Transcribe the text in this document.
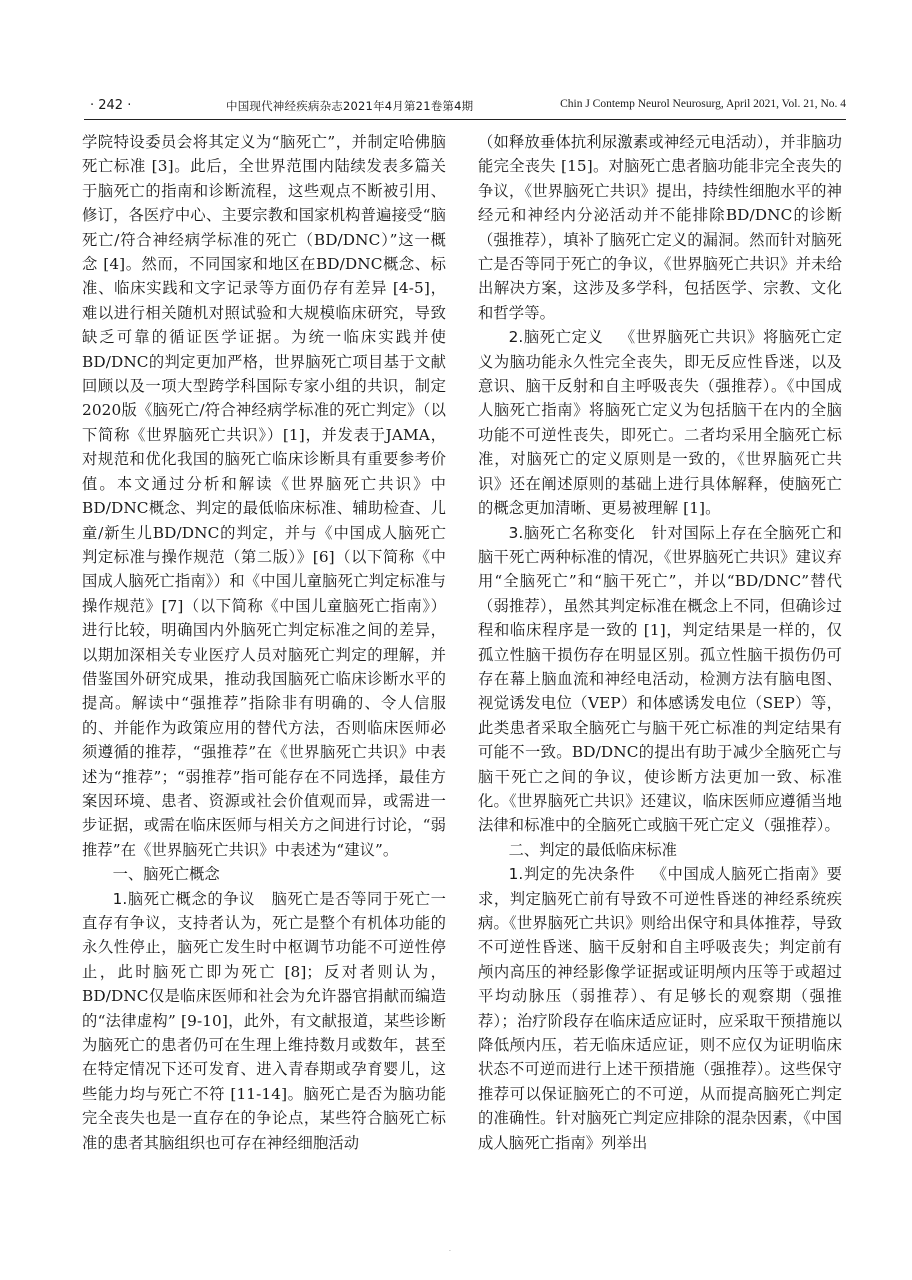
· 242 ·	中国现代神经疾病杂志2021年4月第21卷第4期	Chin J Contemp Neurol Neurosurg, April 2021, Vol. 21, No. 4

学院特设委员会将其定义为“脑死亡”，并制定哈佛脑死亡标准 [3]。此后，全世界范围内陆续发表多篇关于脑死亡的指南和诊断流程，这些观点不断被引用、修订，各医疗中心、主要宗教和国家机构普遍接受“脑死亡/符合神经病学标准的死亡（BD/DNC）”这一概念 [4]。然而，不同国家和地区在BD/DNC概念、标准、临床实践和文字记录等方面仍存有差异 [4-5]，难以进行相关随机对照试验和大规模临床研究，导致缺乏可靠的循证医学证据。为统一临床实践并使BD/DNC的判定更加严格，世界脑死亡项目基于文献回顾以及一项大型跨学科国际专家小组的共识，制定2020版《脑死亡/符合神经病学标准的死亡判定》（以下简称《世界脑死亡共识》）[1]，并发表于JAMA，对规范和优化我国的脑死亡临床诊断具有重要参考价值。本文通过分析和解读《世界脑死亡共识》中BD/DNC概念、判定的最低临床标准、辅助检查、儿童/新生儿BD/DNC的判定，并与《中国成人脑死亡判定标准与操作规范（第二版）》[6]（以下简称《中国成人脑死亡指南》）和《中国儿童脑死亡判定标准与操作规范》[7]（以下简称《中国儿童脑死亡指南》）进行比较，明确国内外脑死亡判定标准之间的差异，以期加深相关专业医疗人员对脑死亡判定的理解，并借鉴国外研究成果，推动我国脑死亡临床诊断水平的提高。解读中“强推荐”指除非有明确的、令人信服的、并能作为政策应用的替代方法，否则临床医师必须遵循的推荐，“强推荐”在《世界脑死亡共识》中表述为“推荐”；“弱推荐”指可能存在不同选择，最佳方案因环境、患者、资源或社会价值观而异，或需进一步证据，或需在临床医师与相关方之间进行讨论，“弱推荐”在《世界脑死亡共识》中表述为“建议”。

一、脑死亡概念

1.脑死亡概念的争议 脑死亡是否等同于死亡一直存有争议，支持者认为，死亡是整个有机体功能的永久性停止，脑死亡发生时中枢调节功能不可逆性停止，此时脑死亡即为死亡 [8]；反对者则认为，BD/DNC仅是临床医师和社会为允许器官捐献而编造的“法律虚构” [9-10]，此外，有文献报道，某些诊断为脑死亡的患者仍可在生理上维持数月或数年，甚至在特定情况下还可发育、进入青春期或孕育婴儿，这些能力均与死亡不符 [11-14]。脑死亡是否为脑功能完全丧失也是一直存在的争论点，某些符合脑死亡标准的患者其脑组织也可存在神经细胞活动

（如释放垂体抗利尿激素或神经元电活动），并非脑功能完全丧失 [15]。对脑死亡患者脑功能非完全丧失的争议，《世界脑死亡共识》提出，持续性细胞水平的神经元和神经内分泌活动并不能排除BD/DNC的诊断（强推荐），填补了脑死亡定义的漏洞。然而针对脑死亡是否等同于死亡的争议，《世界脑死亡共识》并未给出解决方案，这涉及多学科，包括医学、宗教、文化和哲学等。

2.脑死亡定义 《世界脑死亡共识》将脑死亡定义为脑功能永久性完全丧失，即无反应性昏迷，以及意识、脑干反射和自主呼吸丧失（强推荐）。《中国成人脑死亡指南》将脑死亡定义为包括脑干在内的全脑功能不可逆性丧失，即死亡。二者均采用全脑死亡标准，对脑死亡的定义原则是一致的，《世界脑死亡共识》还在阐述原则的基础上进行具体解释，使脑死亡的概念更加清晰、更易被理解 [1]。

3.脑死亡名称变化 针对国际上存在全脑死亡和脑干死亡两种标准的情况，《世界脑死亡共识》建议弃用“全脑死亡”和“脑干死亡”，并以“BD/DNC”替代（弱推荐），虽然其判定标准在概念上不同，但确诊过程和临床程序是一致的 [1]，判定结果是一样的，仅孤立性脑干损伤存在明显区别。孤立性脑干损伤仍可存在幕上脑血流和神经电活动，检测方法有脑电图、视觉诱发电位（VEP）和体感诱发电位（SEP）等，此类患者采取全脑死亡与脑干死亡标准的判定结果有可能不一致。BD/DNC的提出有助于减少全脑死亡与脑干死亡之间的争议，使诊断方法更加一致、标准化。《世界脑死亡共识》还建议，临床医师应遵循当地法律和标准中的全脑死亡或脑干死亡定义（强推荐）。

二、判定的最低临床标准

1.判定的先决条件 《中国成人脑死亡指南》要求，判定脑死亡前有导致不可逆性昏迷的神经系统疾病。《世界脑死亡共识》则给出保守和具体推荐，导致不可逆性昏迷、脑干反射和自主呼吸丧失；判定前有颅内高压的神经影像学证据或证明颅内压等于或超过平均动脉压（弱推荐）、有足够长的观察期（强推荐）；治疗阶段存在临床适应证时，应采取干预措施以降低颅内压，若无临床适应证，则不应仅为证明临床状态不可逆而进行上述干预措施（强推荐）。这些保守推荐可以保证脑死亡的不可逆，从而提高脑死亡判定的准确性。针对脑死亡判定应排除的混杂因素，《中国成人脑死亡指南》列举出

·
